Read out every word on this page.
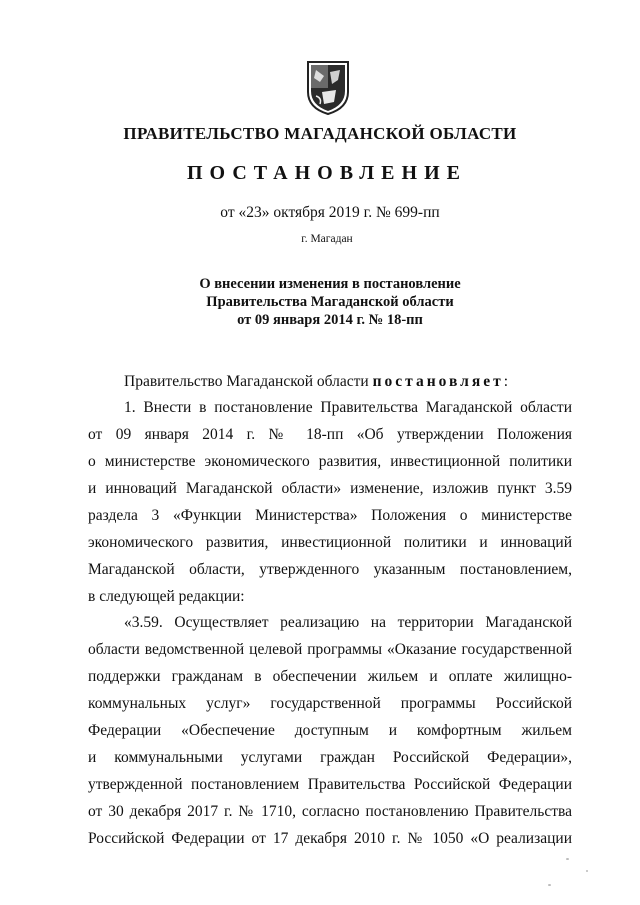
ПРАВИТЕЛЬСТВО МАГАДАНСКОЙ ОБЛАСТИ
ПОСТАНОВЛЕНИЕ
от «23» октября 2019 г. № 699-пп
г. Магадан
О внесении изменения в постановление
Правительства Магаданской области
от 09 января 2014 г. № 18-пп
Правительство Магаданской области постановляет:
1. Внести в постановление Правительства Магаданской области
от 09 января 2014 г. № 18-пп «Об утверждении Положения
о министерстве экономического развития, инвестиционной политики
и инноваций Магаданской области» изменение, изложив пункт 3.59
раздела 3 «Функции Министерства» Положения о министерстве
экономического развития, инвестиционной политики и инноваций
Магаданской области, утвержденного указанным постановлением,
в следующей редакции:
«3.59. Осуществляет реализацию на территории Магаданской
области ведомственной целевой программы «Оказание государственной
поддержки гражданам в обеспечении жильем и оплате жилищно-
коммунальных услуг» государственной программы Российской
Федерации «Обеспечение доступным и комфортным жильем
и коммунальными услугами граждан Российской Федерации»,
утвержденной постановлением Правительства Российской Федерации
от 30 декабря 2017 г. № 1710, согласно постановлению Правительства
Российской Федерации от 17 декабря 2010 г. № 1050 «О реализации
